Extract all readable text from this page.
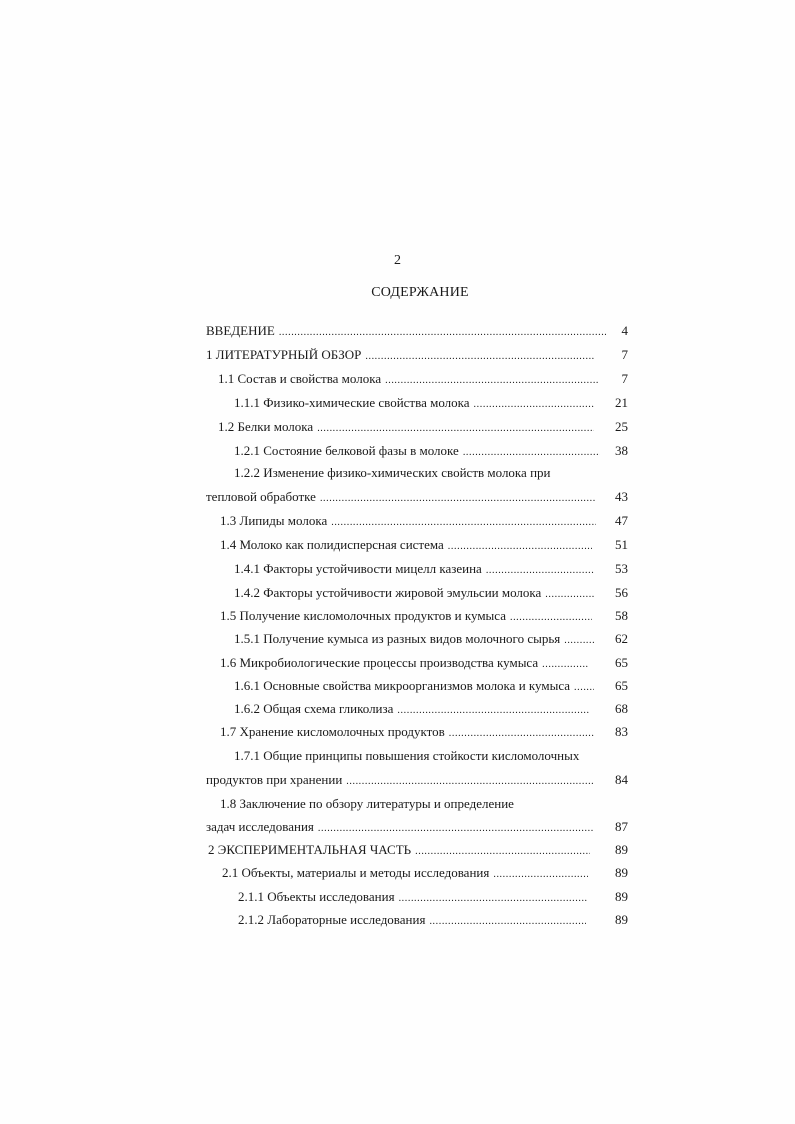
2
СОДЕРЖАНИЕ
ВВЕДЕНИЕ .....	4
1 ЛИТЕРАТУРНЫЙ ОБЗОР .....	7
1.1 Состав и свойства молока .....	7
1.1.1 Физико-химические свойства молока .....	21
1.2 Белки молока .....	25
1.2.1 Состояние белковой фазы в молоке .....	38
1.2.2 Изменение физико-химических свойств молока при
тепловой обработке .....	43
1.3 Липиды молока .....	47
1.4 Молоко как полидисперсная система .....	51
1.4.1 Факторы устойчивости мицелл казеина .....	53
1.4.2 Факторы устойчивости жировой эмульсии молока .....	56
1.5 Получение кисломолочных продуктов и кумыса .....	58
1.5.1 Получение кумыса из разных видов молочного сырья .....	62
1.6 Микробиологические процессы производства кумыса .....	65
1.6.1 Основные свойства микроорганизмов молока и кумыса .....	65
1.6.2 Общая схема гликолиза .....	68
1.7 Хранение кисломолочных продуктов .....	83
1.7.1 Общие принципы повышения стойкости кисломолочных
продуктов при хранении .....	84
1.8 Заключение по обзору литературы и определение
задач исследования .....	87
2 ЭКСПЕРИМЕНТАЛЬНАЯ ЧАСТЬ .....	89
2.1 Объекты, материалы и методы исследования .....	89
2.1.1 Объекты исследования .....	89
2.1.2 Лабораторные исследования .....	89
